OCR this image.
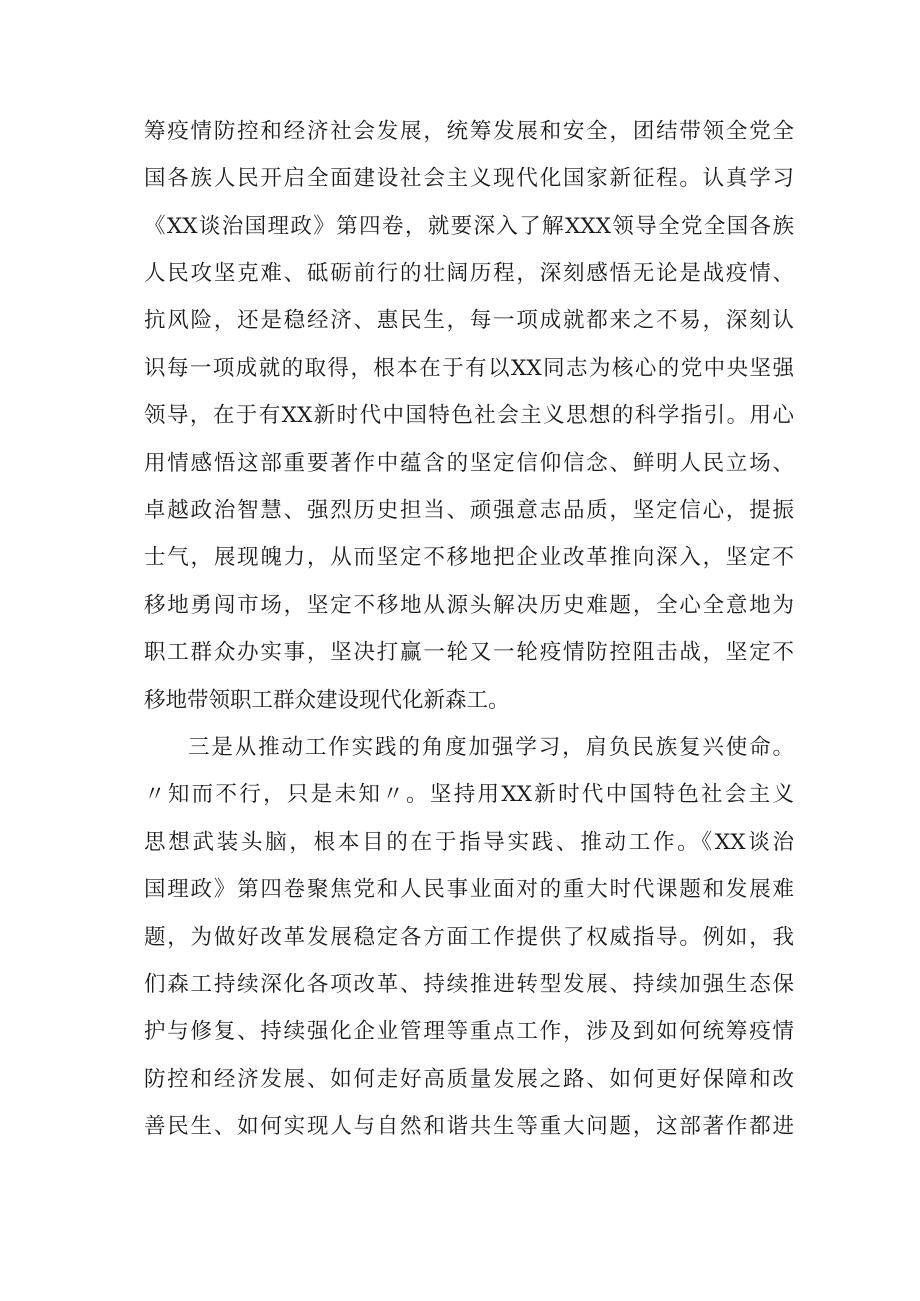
筹疫情防控和经济社会发展，统筹发展和安全，团结带领全党全

国各族人民开启全面建设社会主义现代化国家新征程。认真学习

《XX谈治国理政》第四卷，就要深入了解XXX领导全党全国各族

人民攻坚克难、砥砺前行的壮阔历程，深刻感悟无论是战疫情、

抗风险，还是稳经济、惠民生，每一项成就都来之不易，深刻认

识每一项成就的取得，根本在于有以XX同志为核心的党中央坚强

领导，在于有XX新时代中国特色社会主义思想的科学指引。用心

用情感悟这部重要著作中蕴含的坚定信仰信念、鲜明人民立场、

卓越政治智慧、强烈历史担当、顽强意志品质，坚定信心，提振

士气，展现魄力，从而坚定不移地把企业改革推向深入，坚定不

移地勇闯市场，坚定不移地从源头解决历史难题，全心全意地为

职工群众办实事，坚决打赢一轮又一轮疫情防控阻击战，坚定不

移地带领职工群众建设现代化新森工。

三是从推动工作实践的角度加强学习，肩负民族复兴使命。

〃知而不行，只是未知〃。坚持用XX新时代中国特色社会主义

思想武装头脑，根本目的在于指导实践、推动工作。《XX谈治

国理政》第四卷聚焦党和人民事业面对的重大时代课题和发展难

题，为做好改革发展稳定各方面工作提供了权威指导。例如，我

们森工持续深化各项改革、持续推进转型发展、持续加强生态保

护与修复、持续强化企业管理等重点工作，涉及到如何统筹疫情

防控和经济发展、如何走好高质量发展之路、如何更好保障和改

善民生、如何实现人与自然和谐共生等重大问题，这部著作都进
